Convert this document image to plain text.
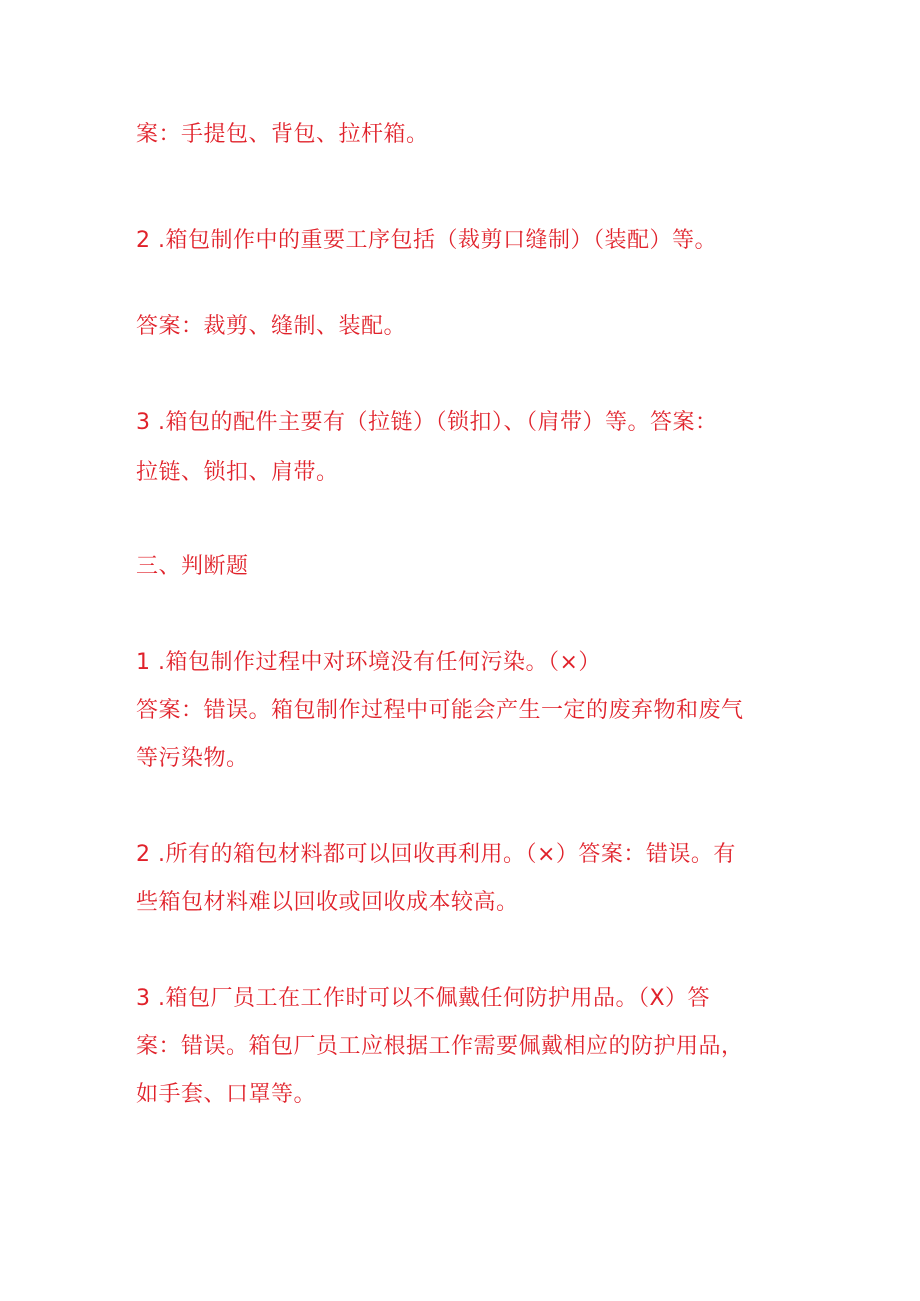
案：手提包、背包、拉杆箱。
2 .箱包制作中的重要工序包括（裁剪口缝制）（装配）等。
答案：裁剪、缝制、装配。
3 .箱包的配件主要有（拉链）（锁扣）、（肩带）等。答案：
拉链、锁扣、肩带。
三、判断题
1 .箱包制作过程中对环境没有任何污染。（×）
答案：错误。箱包制作过程中可能会产生一定的废弃物和废气
等污染物。
2 .所有的箱包材料都可以回收再利用。（×）答案：错误。有
些箱包材料难以回收或回收成本较高。
3 .箱包厂员工在工作时可以不佩戴任何防护用品。（X）答
案：错误。箱包厂员工应根据工作需要佩戴相应的防护用品，
如手套、口罩等。
